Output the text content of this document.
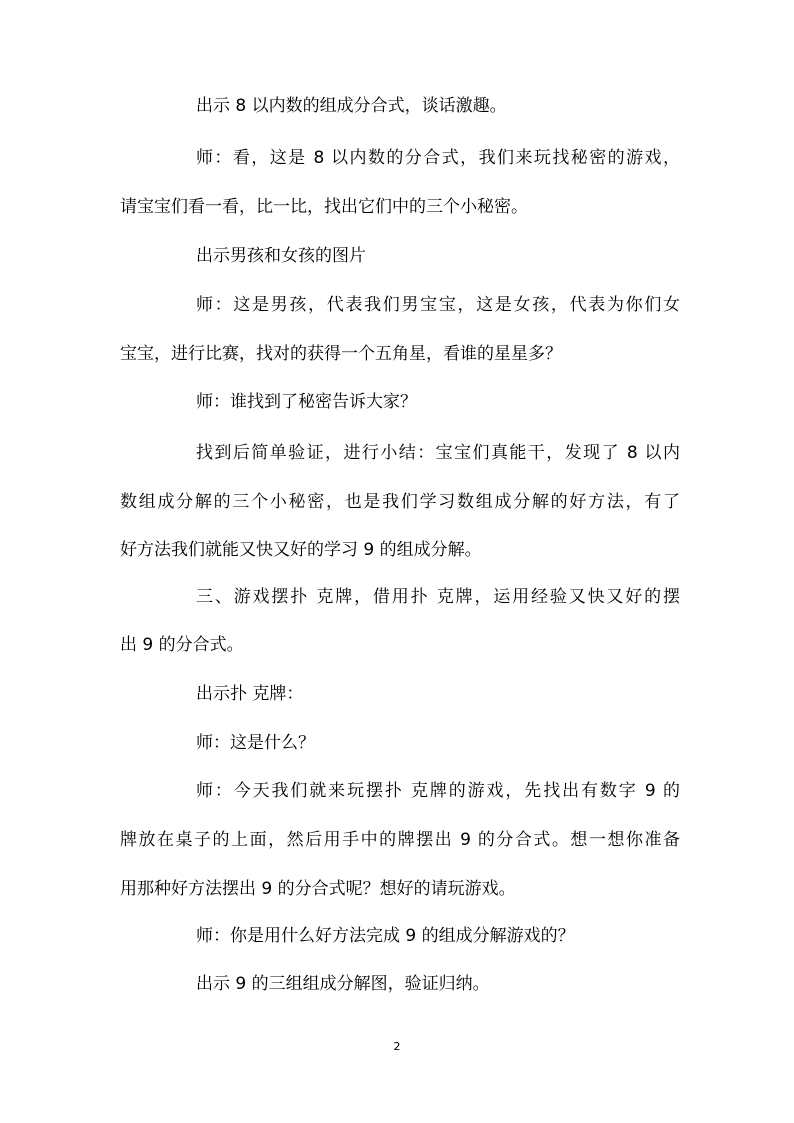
出示 8 以内数的组成分合式，谈话激趣。
师：看，这是 8 以内数的分合式，我们来玩找秘密的游戏，
请宝宝们看一看，比一比，找出它们中的三个小秘密。
出示男孩和女孩的图片
师：这是男孩，代表我们男宝宝，这是女孩，代表为你们女
宝宝，进行比赛，找对的获得一个五角星，看谁的星星多？
师：谁找到了秘密告诉大家？
找到后简单验证，进行小结：宝宝们真能干，发现了 8 以内
数组成分解的三个小秘密，也是我们学习数组成分解的好方法，有了
好方法我们就能又快又好的学习 9 的组成分解。
三、游戏摆扑 克牌，借用扑 克牌，运用经验又快又好的摆
出 9 的分合式。
出示扑 克牌：
师：这是什么？
师：今天我们就来玩摆扑 克牌的游戏，先找出有数字 9 的
牌放在桌子的上面，然后用手中的牌摆出 9 的分合式。想一想你准备
用那种好方法摆出 9 的分合式呢？想好的请玩游戏。
师：你是用什么好方法完成 9 的组成分解游戏的？
出示 9 的三组组成分解图，验证归纳。
2
